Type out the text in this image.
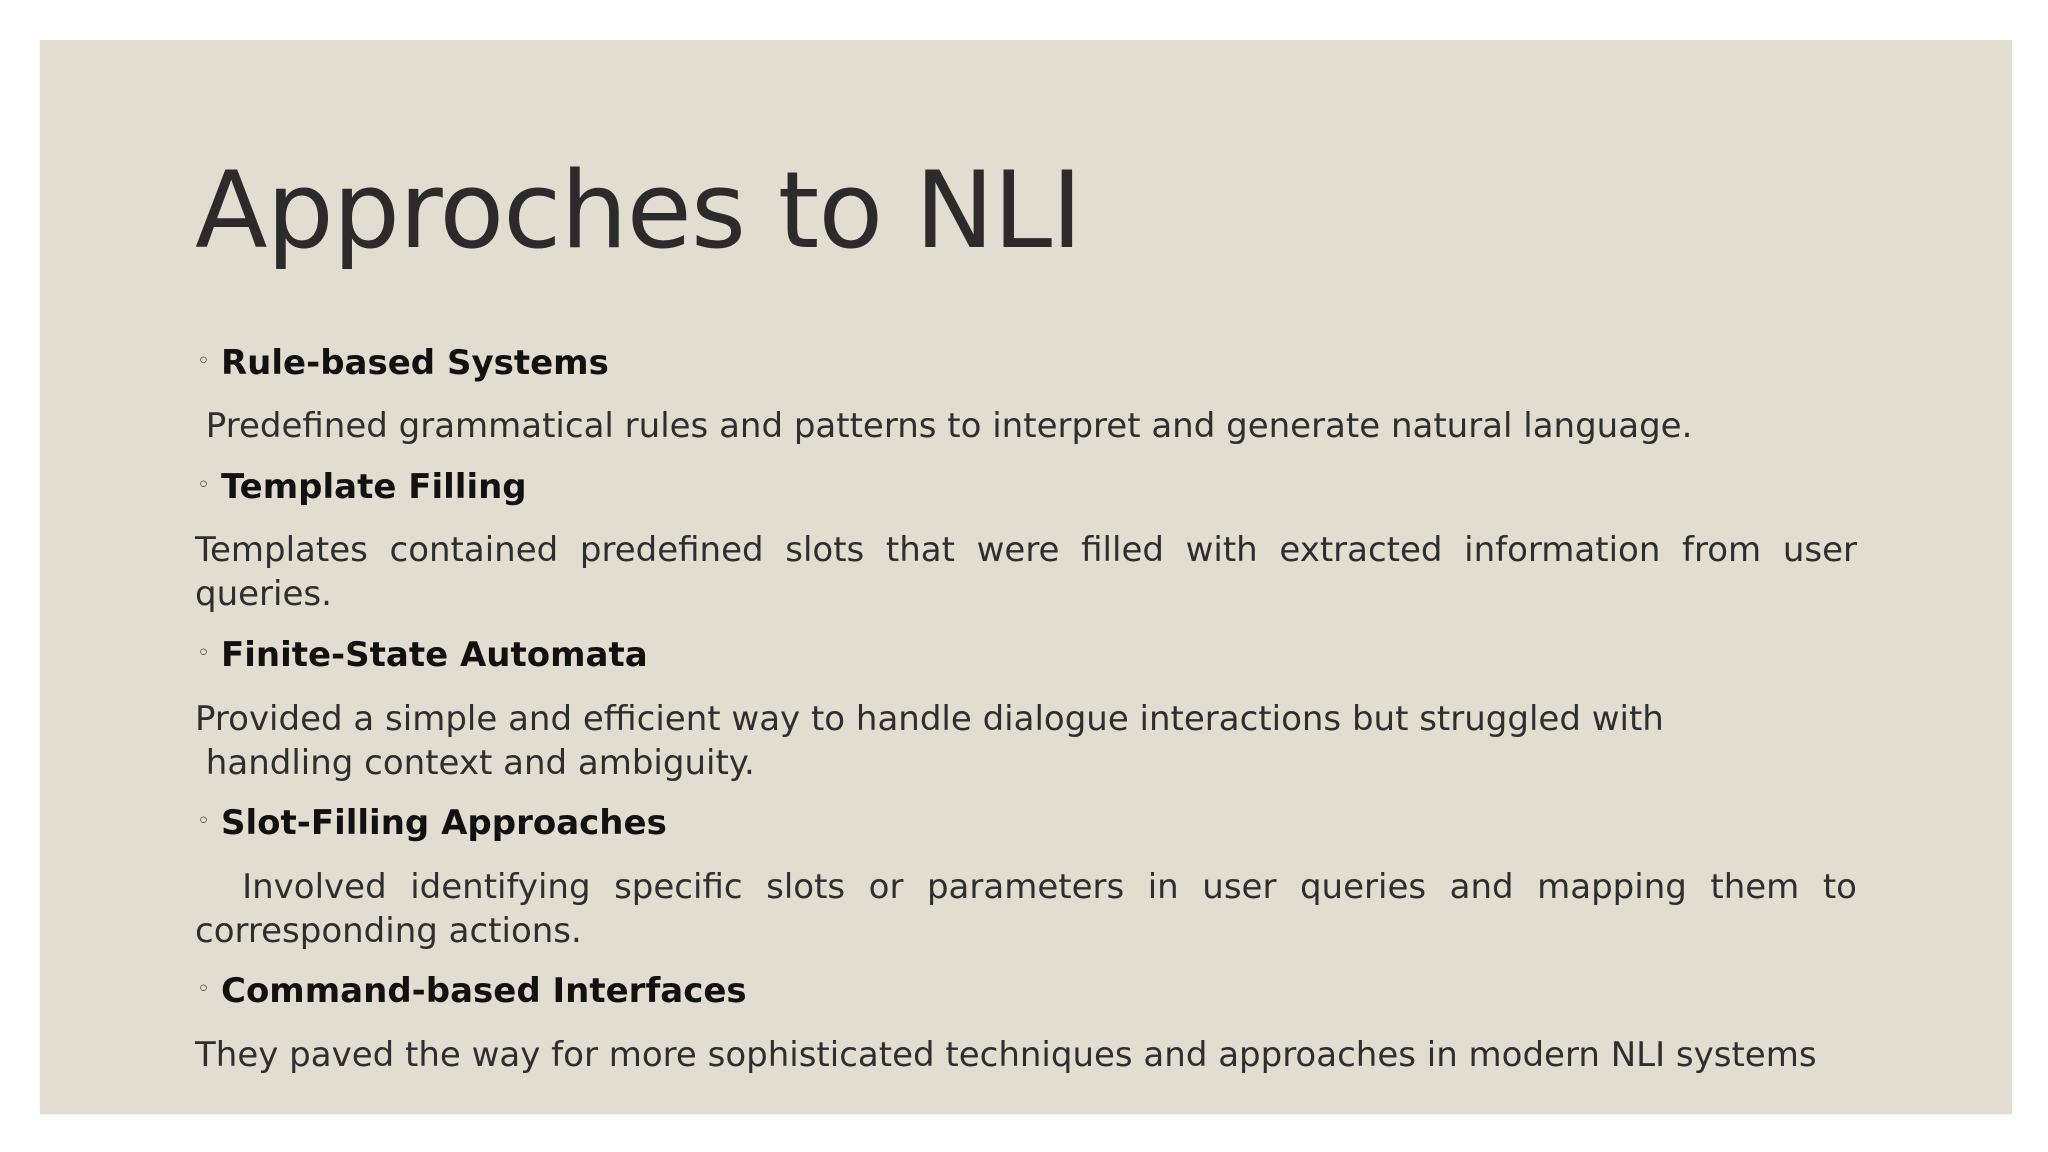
Approches to NLI
◦ Rule-based Systems

Predefined grammatical rules and patterns to interpret and generate natural language.

◦ Template Filling

Templates contained predefined slots that were filled with extracted information from user queries.

◦ Finite-State Automata

Provided a simple and efficient way to handle dialogue interactions but struggled with
handling context and ambiguity.

◦ Slot-Filling Approaches

Involved identifying specific slots or parameters in user queries and mapping them to corresponding actions.

◦ Command-based Interfaces

They paved the way for more sophisticated techniques and approaches in modern NLI systems
